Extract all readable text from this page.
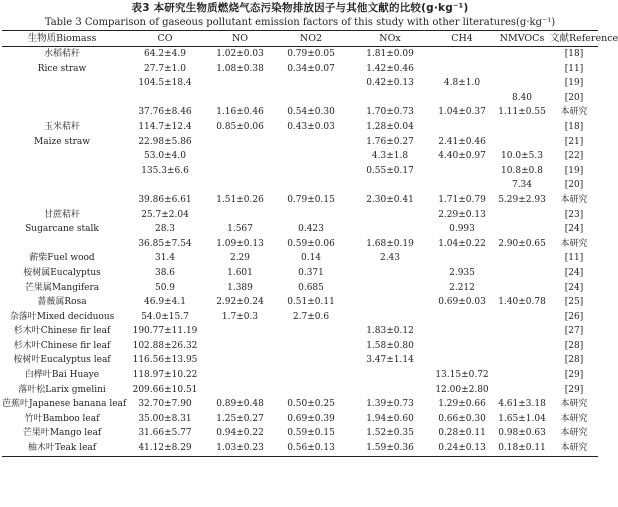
表3 本研究生物质燃烧气态污染物排放因子与其他文献的比较(g·kg⁻¹)
Table 3 Comparison of gaseous pollutant emission factors of this study with other literatures(g·kg⁻¹)
生物质Biomass	CO	NO	NO2	NOx	CH4	NMVOCs	文献Reference
水稻秸秆	64.2±4.9	1.02±0.03	0.79±0.05	1.81±0.09			[18]
Rice straw	27.7±1.0	1.08±0.38	0.34±0.07	1.42±0.46			[11]
	104.5±18.4			0.42±0.13	4.8±1.0		[19]
						8.40	[20]
	37.76±8.46	1.16±0.46	0.54±0.30	1.70±0.73	1.04±0.37	1.11±0.55	本研究
玉米秸秆	114.7±12.4	0.85±0.06	0.43±0.03	1.28±0.04			[18]
Maize straw	22.98±5.86			1.76±0.27	2.41±0.46		[21]
	53.0±4.0			4.3±1.8	4.40±0.97	10.0±5.3	[22]
	135.3±6.6			0.55±0.17		10.8±0.8	[19]
						7.34	[20]
	39.86±6.61	1.51±0.26	0.79±0.15	2.30±0.41	1.71±0.79	5.29±2.93	本研究
甘蔗秸秆	25.7±2.04				2.29±0.13		[23]
Sugarcane stalk	28.3	1.567	0.423		0.993		[24]
	36.85±7.54	1.09±0.13	0.59±0.06	1.68±0.19	1.04±0.22	2.90±0.65	本研究
薪柴Fuel wood	31.4	2.29	0.14	2.43			[11]
桉树属Eucalyptus	38.6	1.601	0.371		2.935		[24]
芒果属Mangifera	50.9	1.389	0.685		2.212		[24]
蔷薇属Rosa	46.9±4.1	2.92±0.24	0.51±0.11		0.69±0.03	1.40±0.78	[25]
杂落叶Mixed deciduous	54.0±15.7	1.7±0.3	2.7±0.6				[26]
杉木叶Chinese fir leaf	190.77±11.19			1.83±0.12			[27]
杉木叶Chinese fir leaf	102.88±26.32			1.58±0.80			[28]
桉树叶Eucalyptus leaf	116.56±13.95			3.47±1.14			[28]
白桦叶Bai Huaye	118.97±10.22				13.15±0.72		[29]
落叶松Larix gmelini	209.66±10.51				12.00±2.80		[29]
芭蕉叶Japanese banana leaf	32.70±7.90	0.89±0.48	0.50±0.25	1.39±0.73	1.29±0.66	4.61±3.18	本研究
竹叶Bamboo leaf	35.00±8.31	1.25±0.27	0.69±0.39	1.94±0.60	0.66±0.30	1.65±1.04	本研究
芒果叶Mango leaf	31.66±5.77	0.94±0.22	0.59±0.15	1.52±0.35	0.28±0.11	0.98±0.63	本研究
柚木叶Teak leaf	41.12±8.29	1.03±0.23	0.56±0.13	1.59±0.36	0.24±0.13	0.18±0.11	本研究
